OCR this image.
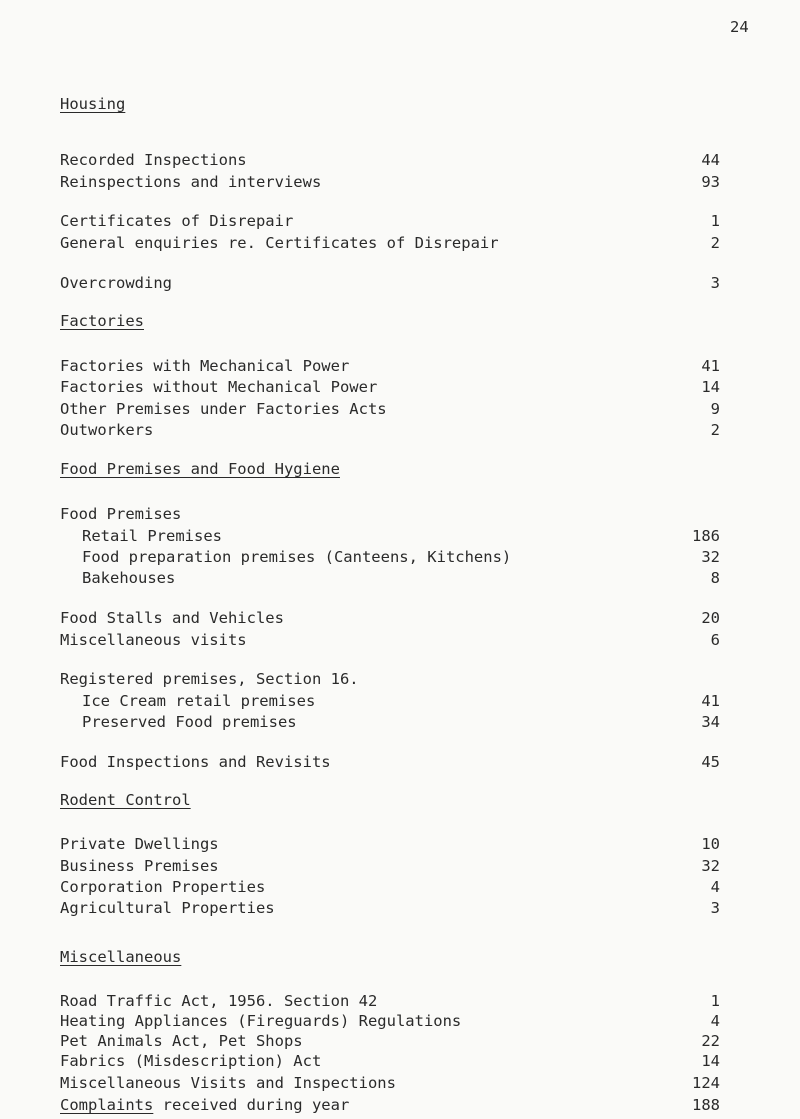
24
Housing
Recorded Inspections	44
Reinspections and interviews	93
Certificates of Disrepair	1
General enquiries re. Certificates of Disrepair	2
Overcrowding	3
Factories
Factories with Mechanical Power	41
Factories without Mechanical Power	14
Other Premises under Factories Acts	9
Outworkers	2
Food Premises and Food Hygiene
Food Premises
Retail Premises	186
Food preparation premises (Canteens, Kitchens)	32
Bakehouses	8
Food Stalls and Vehicles	20
Miscellaneous visits	6
Registered premises, Section 16.
Ice Cream retail premises	41
Preserved Food premises	34
Food Inspections and Revisits	45
Rodent Control
Private Dwellings	10
Business Premises	32
Corporation Properties	4
Agricultural Properties	3
Miscellaneous
Road Traffic Act, 1956. Section 42	1
Heating Appliances (Fireguards) Regulations	4
Pet Animals Act, Pet Shops	22
Fabrics (Misdescription) Act	14
Miscellaneous Visits and Inspections	124
Complaints received during year	188
